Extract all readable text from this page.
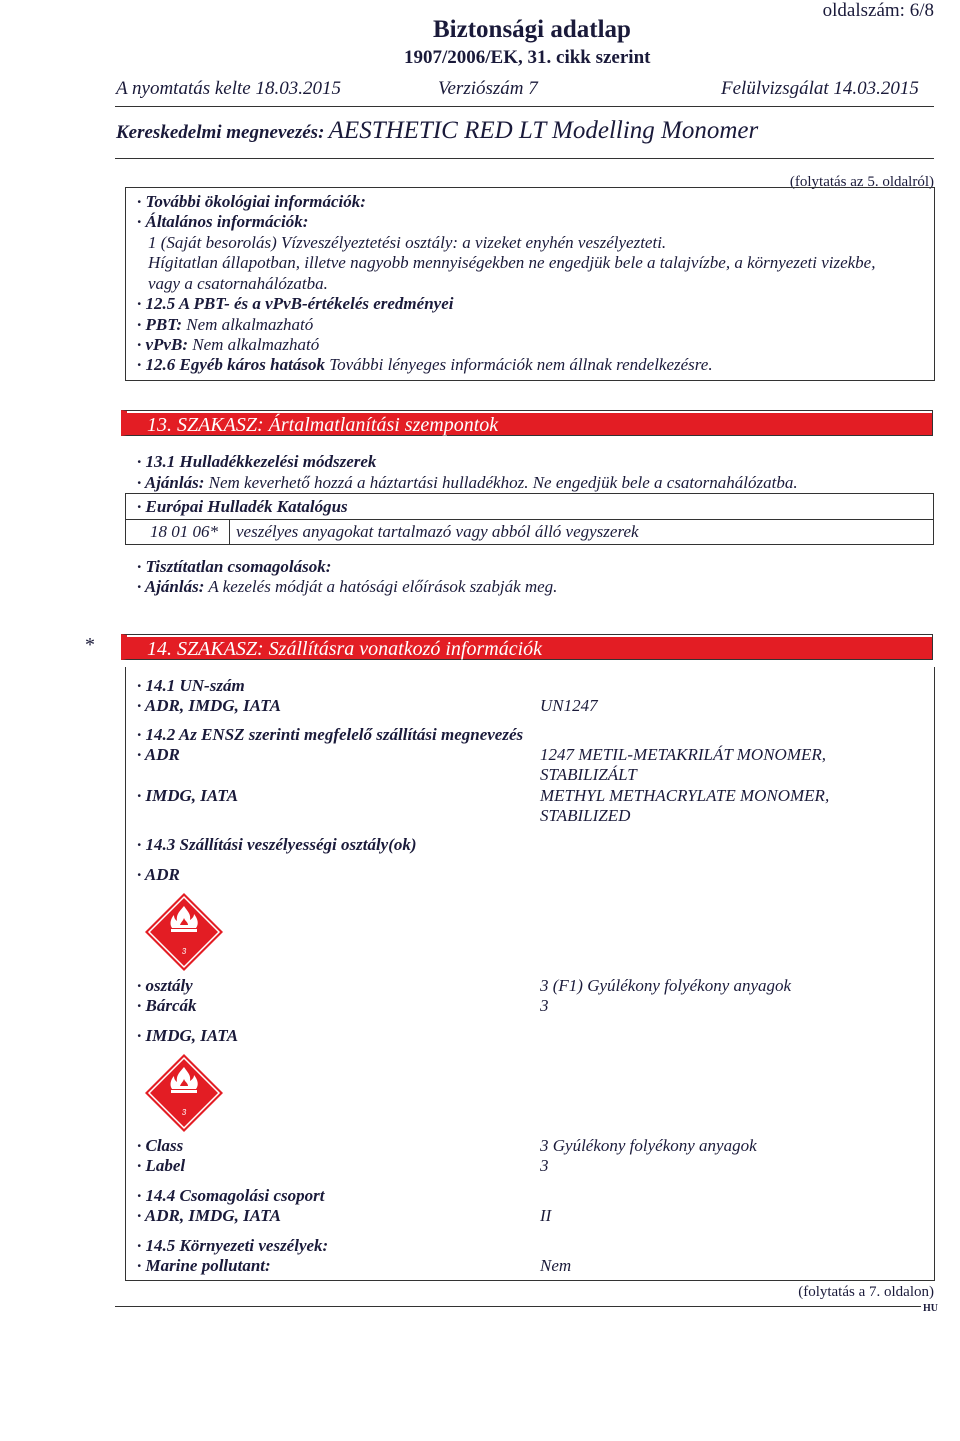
oldalszám: 6/8
Biztonsági adatlap
1907/2006/EK, 31. cikk szerint
A nyomtatás kelte 18.03.2015	Verziószám 7	Felülvizsgálat 14.03.2015
Kereskedelmi megnevezés: AESTHETIC RED LT Modelling Monomer
(folytatás az 5. oldalról)
· További ökológiai információk:
· Általános információk:
1 (Saját besorolás) Vízveszélyeztetési osztály: a vizeket enyhén veszélyezteti.
Hígitatlan állapotban, illetve nagyobb mennyiségekben ne engedjük bele a talajvízbe, a környezeti vizekbe,
vagy a csatornahálózatba.
· 12.5 A PBT- és a vPvB-értékelés eredményei
· PBT: Nem alkalmazható
· vPvB: Nem alkalmazható
· 12.6 Egyéb káros hatások További lényeges információk nem állnak rendelkezésre.
13. SZAKASZ: Ártalmatlanítási szempontok
· 13.1 Hulladékkezelési módszerek
· Ajánlás: Nem keverhető hozzá a háztartási hulladékhoz. Ne engedjük bele a csatornahálózatba.
· Európai Hulladék Katalógus
18 01 06* veszélyes anyagokat tartalmazó vagy abból álló vegyszerek
· Tisztítatlan csomagolások:
· Ajánlás: A kezelés módját a hatósági előírások szabják meg.
*	14. SZAKASZ: Szállításra vonatkozó információk
· 14.1 UN-szám
· ADR, IMDG, IATA	UN1247
· 14.2 Az ENSZ szerinti megfelelő szállítási megnevezés
· ADR	1247 METIL-METAKRILÁT MONOMER,
STABILIZÁLT
· IMDG, IATA	METHYL METHACRYLATE MONOMER,
STABILIZED
· 14.3 Szállítási veszélyességi osztály(ok)
· ADR
3
· osztály	3 (F1) Gyúlékony folyékony anyagok
· Bárcák	3
· IMDG, IATA
3
· Class	3 Gyúlékony folyékony anyagok
· Label	3
· 14.4 Csomagolási csoport
· ADR, IMDG, IATA	II
· 14.5 Környezeti veszélyek:
· Marine pollutant:	Nem
(folytatás a 7. oldalon)
HU
